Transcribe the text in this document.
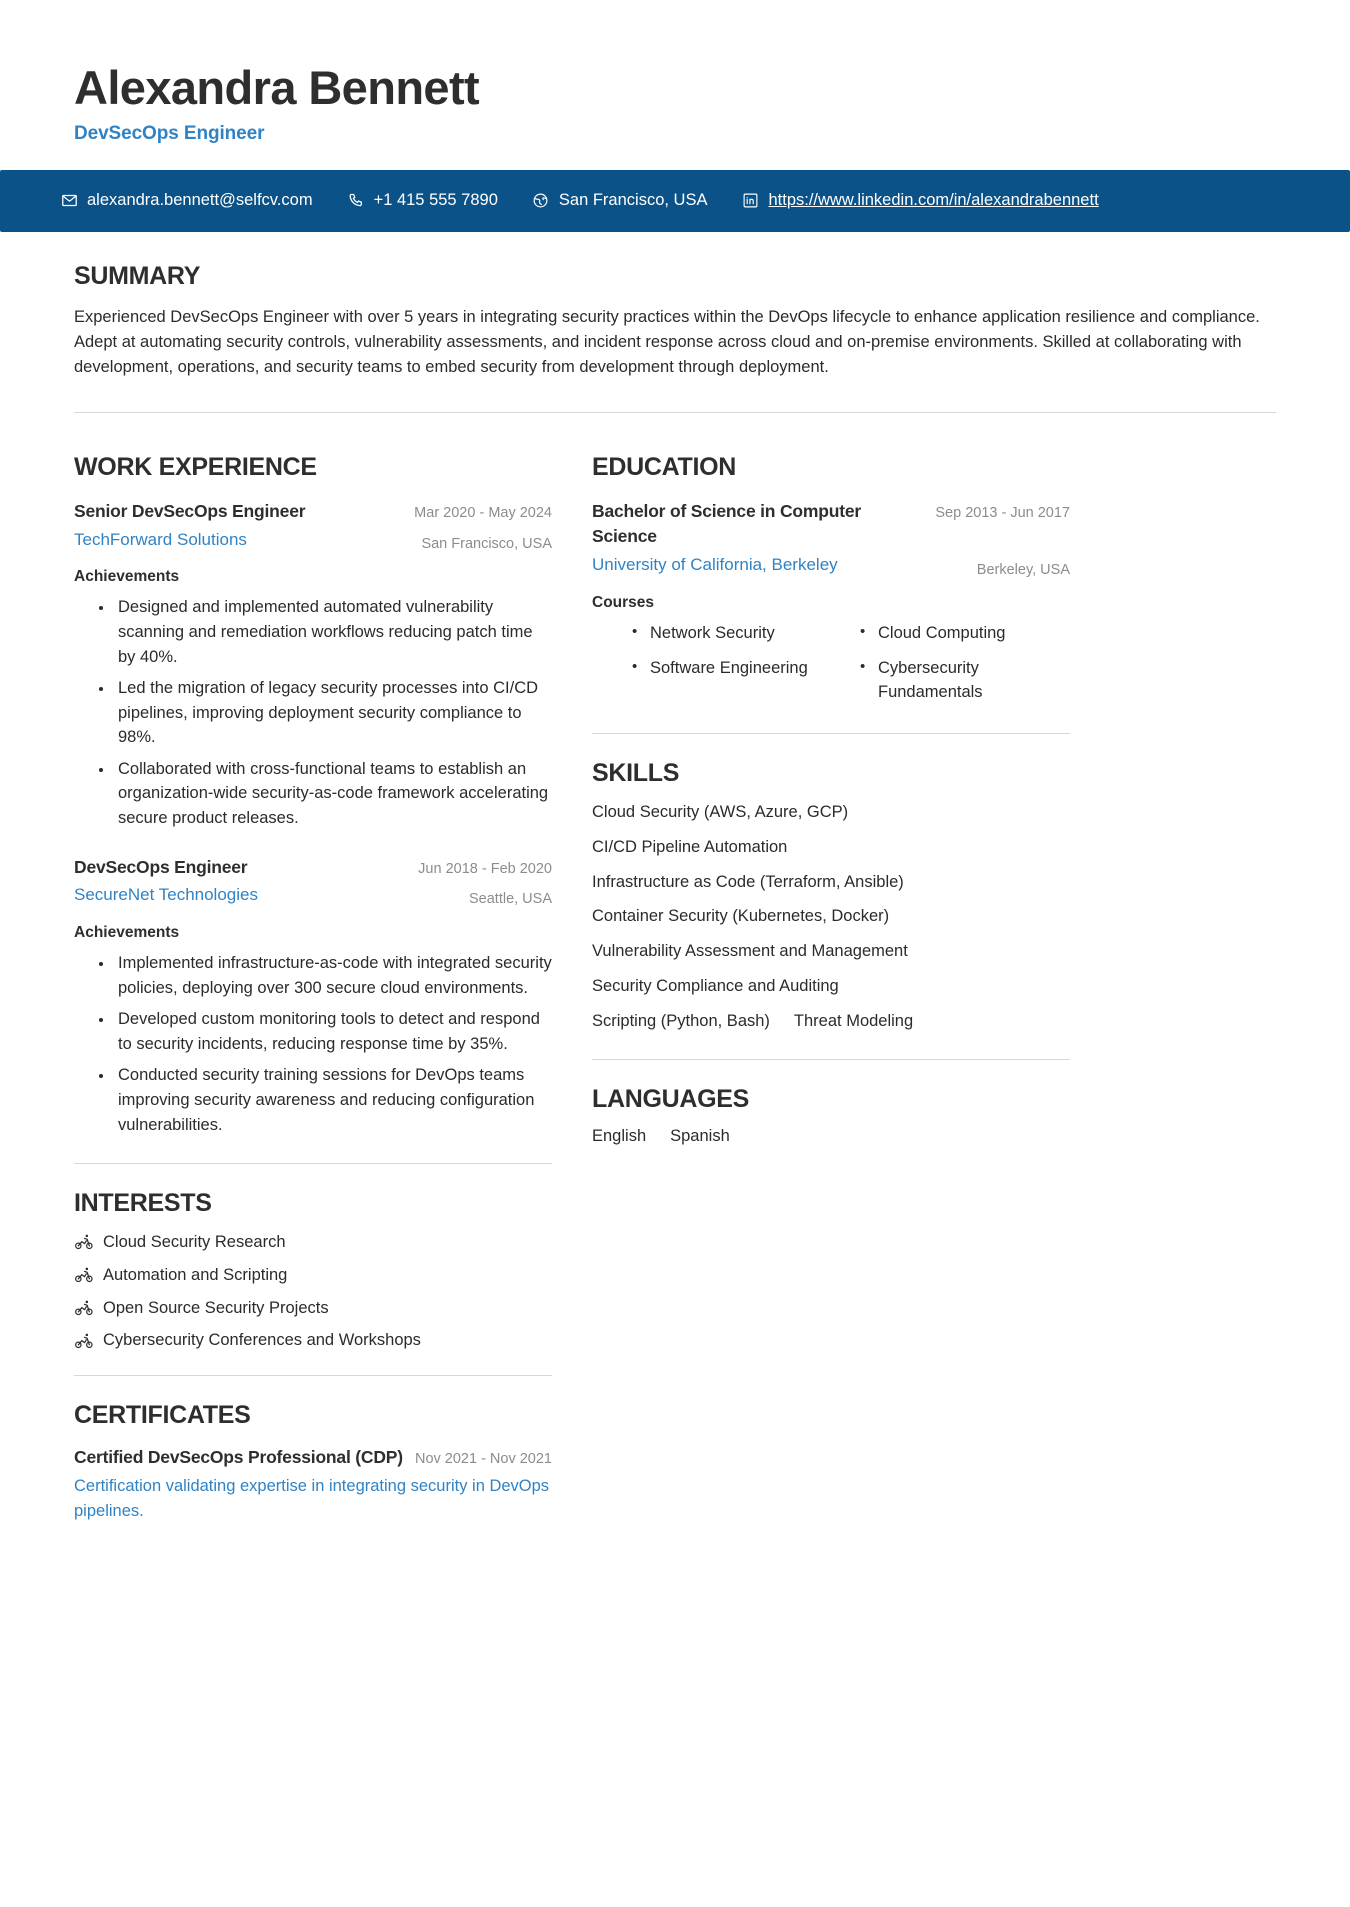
Alexandra Bennett
DevSecOps Engineer
alexandra.bennett@selfcv.com	+1 415 555 7890	San Francisco, USA	https://www.linkedin.com/in/alexandrabennett
SUMMARY
Experienced DevSecOps Engineer with over 5 years in integrating security practices within the DevOps lifecycle to enhance application resilience and compliance. Adept at automating security controls, vulnerability assessments, and incident response across cloud and on-premise environments. Skilled at collaborating with development, operations, and security teams to embed security from development through deployment.
WORK EXPERIENCE
Senior DevSecOps Engineer
TechForward Solutions
Mar 2020 - May 2024
San Francisco, USA
Achievements
• Designed and implemented automated vulnerability scanning and remediation workflows reducing patch time by 40%.
• Led the migration of legacy security processes into CI/CD pipelines, improving deployment security compliance to 98%.
• Collaborated with cross-functional teams to establish an organization-wide security-as-code framework accelerating secure product releases.
DevSecOps Engineer
SecureNet Technologies
Jun 2018 - Feb 2020
Seattle, USA
Achievements
• Implemented infrastructure-as-code with integrated security policies, deploying over 300 secure cloud environments.
• Developed custom monitoring tools to detect and respond to security incidents, reducing response time by 35%.
• Conducted security training sessions for DevOps teams improving security awareness and reducing configuration vulnerabilities.
INTERESTS
Cloud Security Research
Automation and Scripting
Open Source Security Projects
Cybersecurity Conferences and Workshops
CERTIFICATES
Certified DevSecOps Professional (CDP) Nov 2021 - Nov 2021
Certification validating expertise in integrating security in DevOps pipelines.
EDUCATION
Bachelor of Science in Computer Science
University of California, Berkeley
Sep 2013 - Jun 2017
Berkeley, USA
Courses
• Network Security	• Cloud Computing
• Software Engineering	• Cybersecurity Fundamentals
SKILLS
Cloud Security (AWS, Azure, GCP)
CI/CD Pipeline Automation
Infrastructure as Code (Terraform, Ansible)
Container Security (Kubernetes, Docker)
Vulnerability Assessment and Management
Security Compliance and Auditing
Scripting (Python, Bash) Threat Modeling
LANGUAGES
English Spanish
